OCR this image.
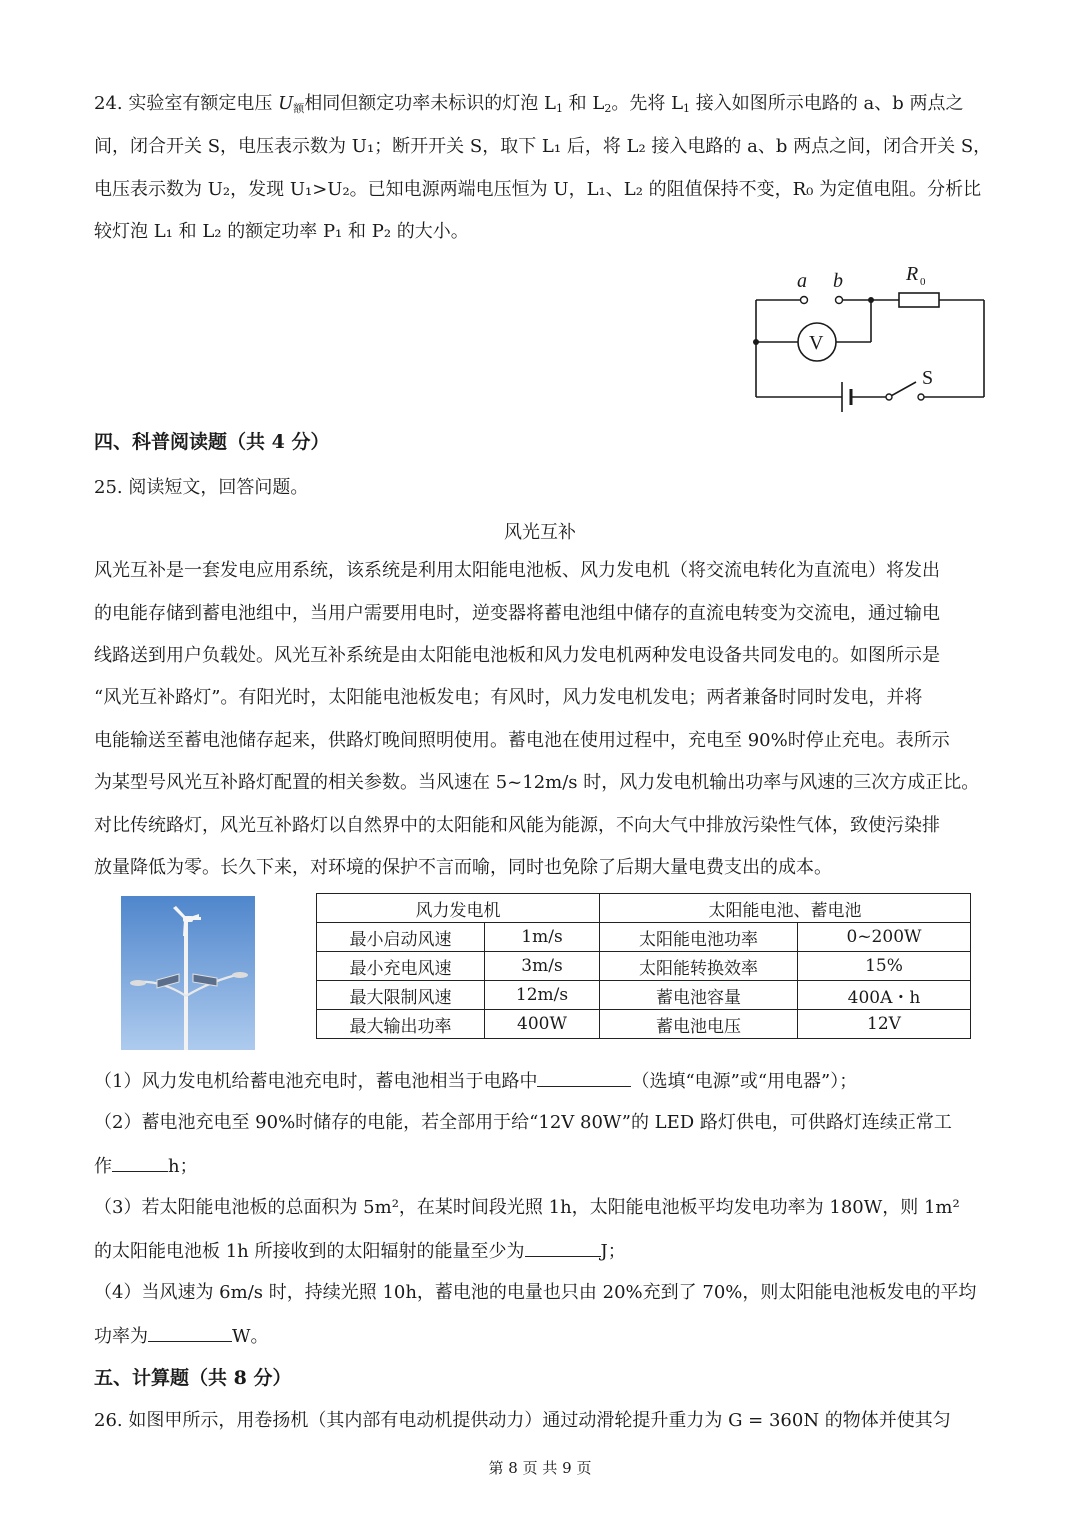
24. 实验室有额定电压 $U_额$相同但额定功率未标识的灯泡 $L_1$ 和 $L_2$。先将 $L_1$ 接入如图所示电路的 a、b 两点之
间，闭合开关 S，电压表示数为 U₁；断开开关 S，取下 L₁ 后，将 L₂ 接入电路的 a、b 两点之间，闭合开关 S，
电压表示数为 U₂，发现 U₁>U₂。已知电源两端电压恒为 U，L₁、L₂ 的阻值保持不变，R₀ 为定值电阻。分析比
较灯泡 L₁ 和 L₂ 的额定功率 P₁ 和 P₂ 的大小。
a b	R 0
V
S
四、科普阅读题（共 4 分）
25. 阅读短文，回答问题。
风光互补
风光互补是一套发电应用系统，该系统是利用太阳能电池板、风力发电机（将交流电转化为直流电）将发出
的电能存储到蓄电池组中，当用户需要用电时，逆变器将蓄电池组中储存的直流电转变为交流电，通过输电
线路送到用户负载处。风光互补系统是由太阳能电池板和风力发电机两种发电设备共同发电的。如图所示是
“风光互补路灯”。有阳光时，太阳能电池板发电；有风时，风力发电机发电；两者兼备时同时发电，并将
电能输送至蓄电池储存起来，供路灯晚间照明使用。蓄电池在使用过程中，充电至 90%时停止充电。表所示
为某型号风光互补路灯配置的相关参数。当风速在 5~12m/s 时，风力发电机输出功率与风速的三次方成正比。
对比传统路灯，风光互补路灯以自然界中的太阳能和风能为能源，不向大气中排放污染性气体，致使污染排
放量降低为零。长久下来，对环境的保护不言而喻，同时也免除了后期大量电费支出的成本。
风力发电机		太阳能电池、蓄电池	
最小启动风速	1m/s	太阳能电池功率	0~200W
最小充电风速	3m/s	太阳能转换效率	15%
最大限制风速	12m/s	蓄电池容量	400A・h
最大输出功率	400W	蓄电池电压	12V
（1）风力发电机给蓄电池充电时，蓄电池相当于电路中	（选填“电源”或“用电器”）；
（2）蓄电池充电至 90%时储存的电能，若全部用于给“12V 80W”的 LED 路灯供电，可供路灯连续正常工
作	h；
（3）若太阳能电池板的总面积为 5m²，在某时间段光照 1h，太阳能电池板平均发电功率为 180W，则 1m²
的太阳能电池板 1h 所接收到的太阳辐射的能量至少为	J；
（4）当风速为 6m/s 时，持续光照 10h，蓄电池的电量也只由 20%充到了 70%，则太阳能电池板发电的平均
功率为	W。
五、计算题（共 8 分）
26. 如图甲所示，用卷扬机（其内部有电动机提供动力）通过动滑轮提升重力为 G = 360N 的物体并使其匀
第 8 页 共 9 页
